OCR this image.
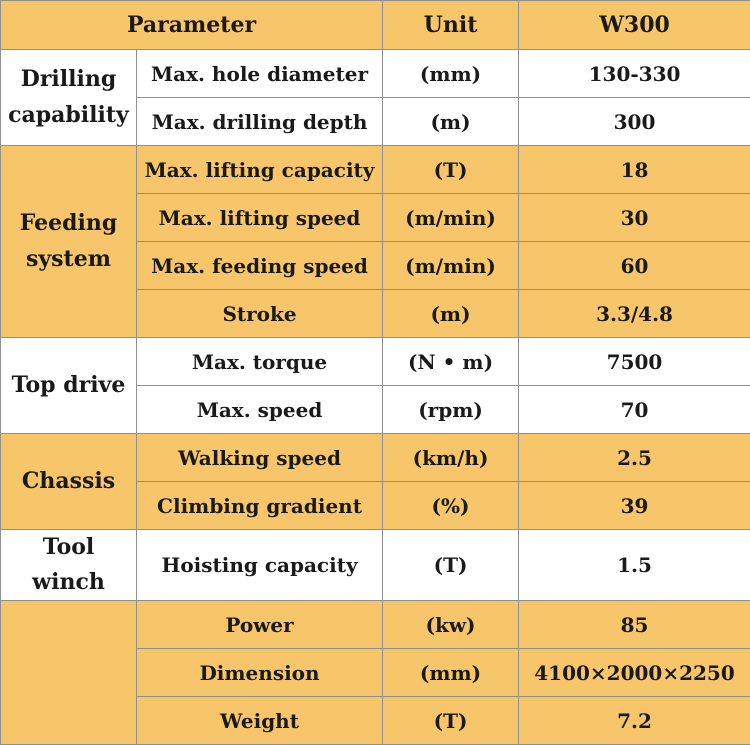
Parameter		Unit	W300
Drilling
capability	Max. hole diameter	(mm)	130-330
	Max. drilling depth	(m)	300
Feeding
system	Max. lifting capacity	(T)	18
	Max. lifting speed	(m/min)	30
	Max. feeding speed	(m/min)	60
	Stroke	(m)	3.3/4.8
Top drive	Max. torque	(N • m)	7500
	Max. speed	(rpm)	70
Chassis	Walking speed	(km/h)	2.5
	Climbing gradient	(%)	39
Tool winch	Hoisting capacity	(T)	1.5
	Power	(kw)	85
	Dimension	(mm)	4100×2000×2250
	Weight	(T)	7.2
